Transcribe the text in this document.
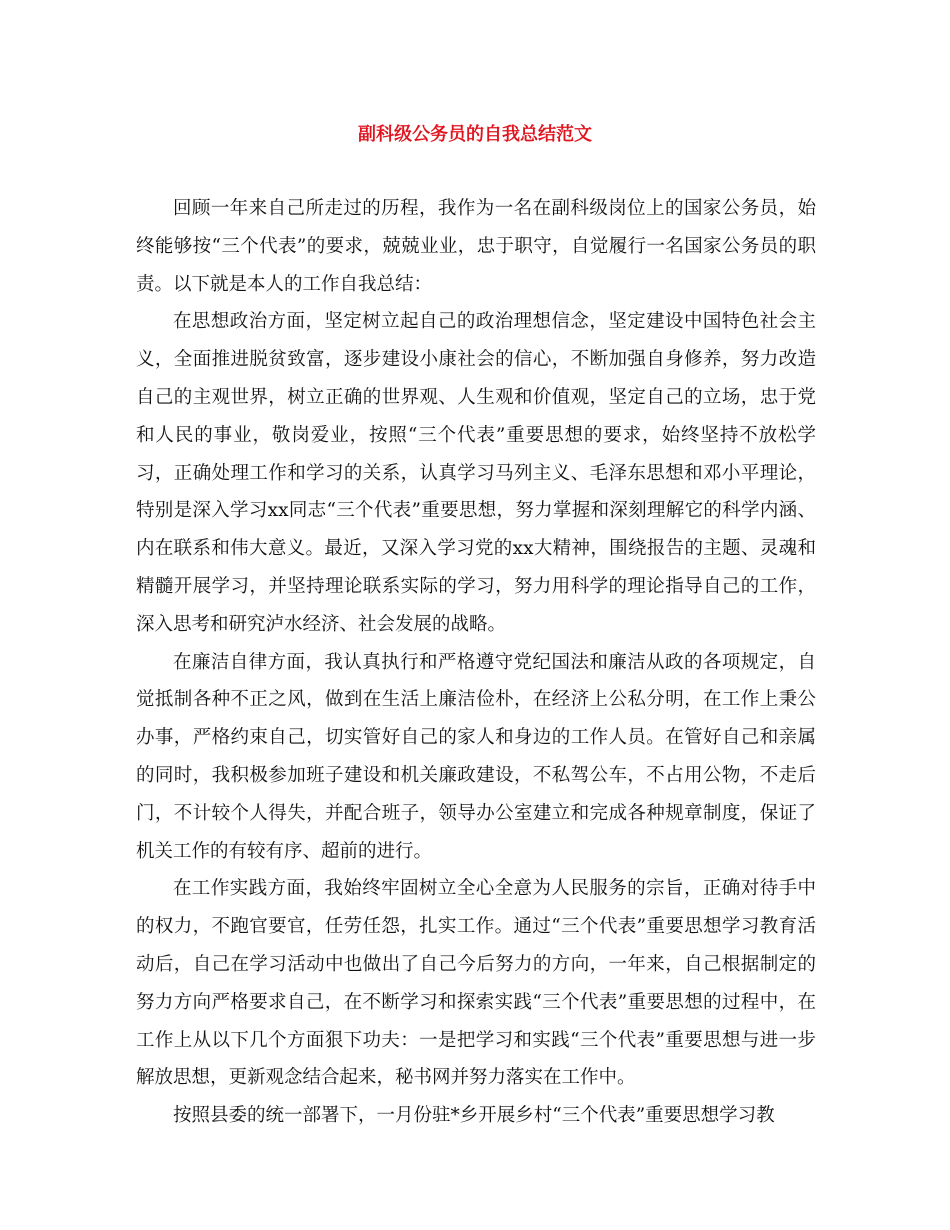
副科级公务员的自我总结范文

回顾一年来自己所走过的历程，我作为一名在副科级岗位上的国家公务员，始终能够按“三个代表”的要求，兢兢业业，忠于职守，自觉履行一名国家公务员的职责。以下就是本人的工作自我总结：

在思想政治方面，坚定树立起自己的政治理想信念，坚定建设中国特色社会主义，全面推进脱贫致富，逐步建设小康社会的信心，不断加强自身修养，努力改造自己的主观世界，树立正确的世界观、人生观和价值观，坚定自己的立场，忠于党和人民的事业，敬岗爱业，按照“三个代表”重要思想的要求，始终坚持不放松学习，正确处理工作和学习的关系，认真学习马列主义、毛泽东思想和邓小平理论，特别是深入学习xx同志“三个代表”重要思想，努力掌握和深刻理解它的科学内涵、内在联系和伟大意义。最近，又深入学习党的xx大精神，围绕报告的主题、灵魂和精髓开展学习，并坚持理论联系实际的学习，努力用科学的理论指导自己的工作，深入思考和研究泸水经济、社会发展的战略。

在廉洁自律方面，我认真执行和严格遵守党纪国法和廉洁从政的各项规定，自觉抵制各种不正之风，做到在生活上廉洁俭朴，在经济上公私分明，在工作上秉公办事，严格约束自己，切实管好自己的家人和身边的工作人员。在管好自己和亲属的同时，我积极参加班子建设和机关廉政建设，不私驾公车，不占用公物，不走后门，不计较个人得失，并配合班子，领导办公室建立和完成各种规章制度，保证了机关工作的有较有序、超前的进行。

在工作实践方面，我始终牢固树立全心全意为人民服务的宗旨，正确对待手中的权力，不跑官要官，任劳任怨，扎实工作。通过“三个代表”重要思想学习教育活动后，自己在学习活动中也做出了自己今后努力的方向，一年来，自己根据制定的努力方向严格要求自己，在不断学习和探索实践“三个代表”重要思想的过程中，在工作上从以下几个方面狠下功夫：一是把学习和实践“三个代表”重要思想与进一步解放思想，更新观念结合起来，秘书网并努力落实在工作中。

按照县委的统一部署下，一月份驻*乡开展乡村“三个代表”重要思想学习教
